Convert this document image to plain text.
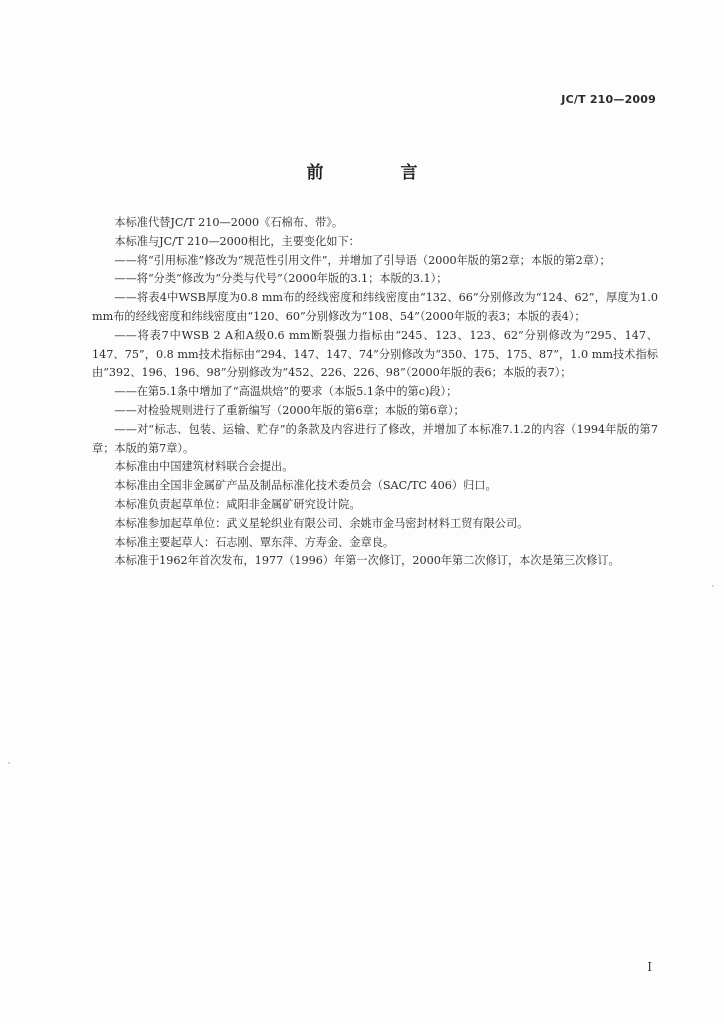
JC/T 210—2009
前　言

本标准代替JC/T 210—2000《石棉布、带》。

本标准与JC/T 210—2000相比，主要变化如下：

——将“引用标准”修改为“规范性引用文件”，并增加了引导语（2000年版的第2章；本版的第2章）；

——将“分类”修改为“分类与代号”（2000年版的3.1；本版的3.1）；

——将表4中WSB厚度为0.8 mm布的经线密度和纬线密度由“132、66”分别修改为“124、62”，厚度为1.0 mm布的经线密度和纬线密度由“120、60”分别修改为“108、54”（2000年版的表3；本版的表4）；

——将表7中WSB 2 A和A级0.6 mm断裂强力指标由“245、123、123、62”分别修改为“295、147、147、75”，0.8 mm技术指标由“294、147、147、74”分别修改为“350、175、175、87”，1.0 mm技术指标由“392、196、196、98”分别修改为“452、226、226、98”（2000年版的表6；本版的表7）；

——在第5.1条中增加了“高温烘焙”的要求（本版5.1条中的第c)段）；

——对检验规则进行了重新编写（2000年版的第6章；本版的第6章）；

——对“标志、包装、运输、贮存”的条款及内容进行了修改，并增加了本标准7.1.2的内容（1994年版的第7章；本版的第7章）。

本标准由中国建筑材料联合会提出。

本标准由全国非金属矿产品及制品标准化技术委员会（SAC/TC 406）归口。

本标准负责起草单位：咸阳非金属矿研究设计院。

本标准参加起草单位：武义星轮织业有限公司、余姚市金马密封材料工贸有限公司。

本标准主要起草人：石志刚、覃东萍、方寿金、金章良。

本标准于1962年首次发布，1977（1996）年第一次修订，2000年第二次修订，本次是第三次修订。

I
